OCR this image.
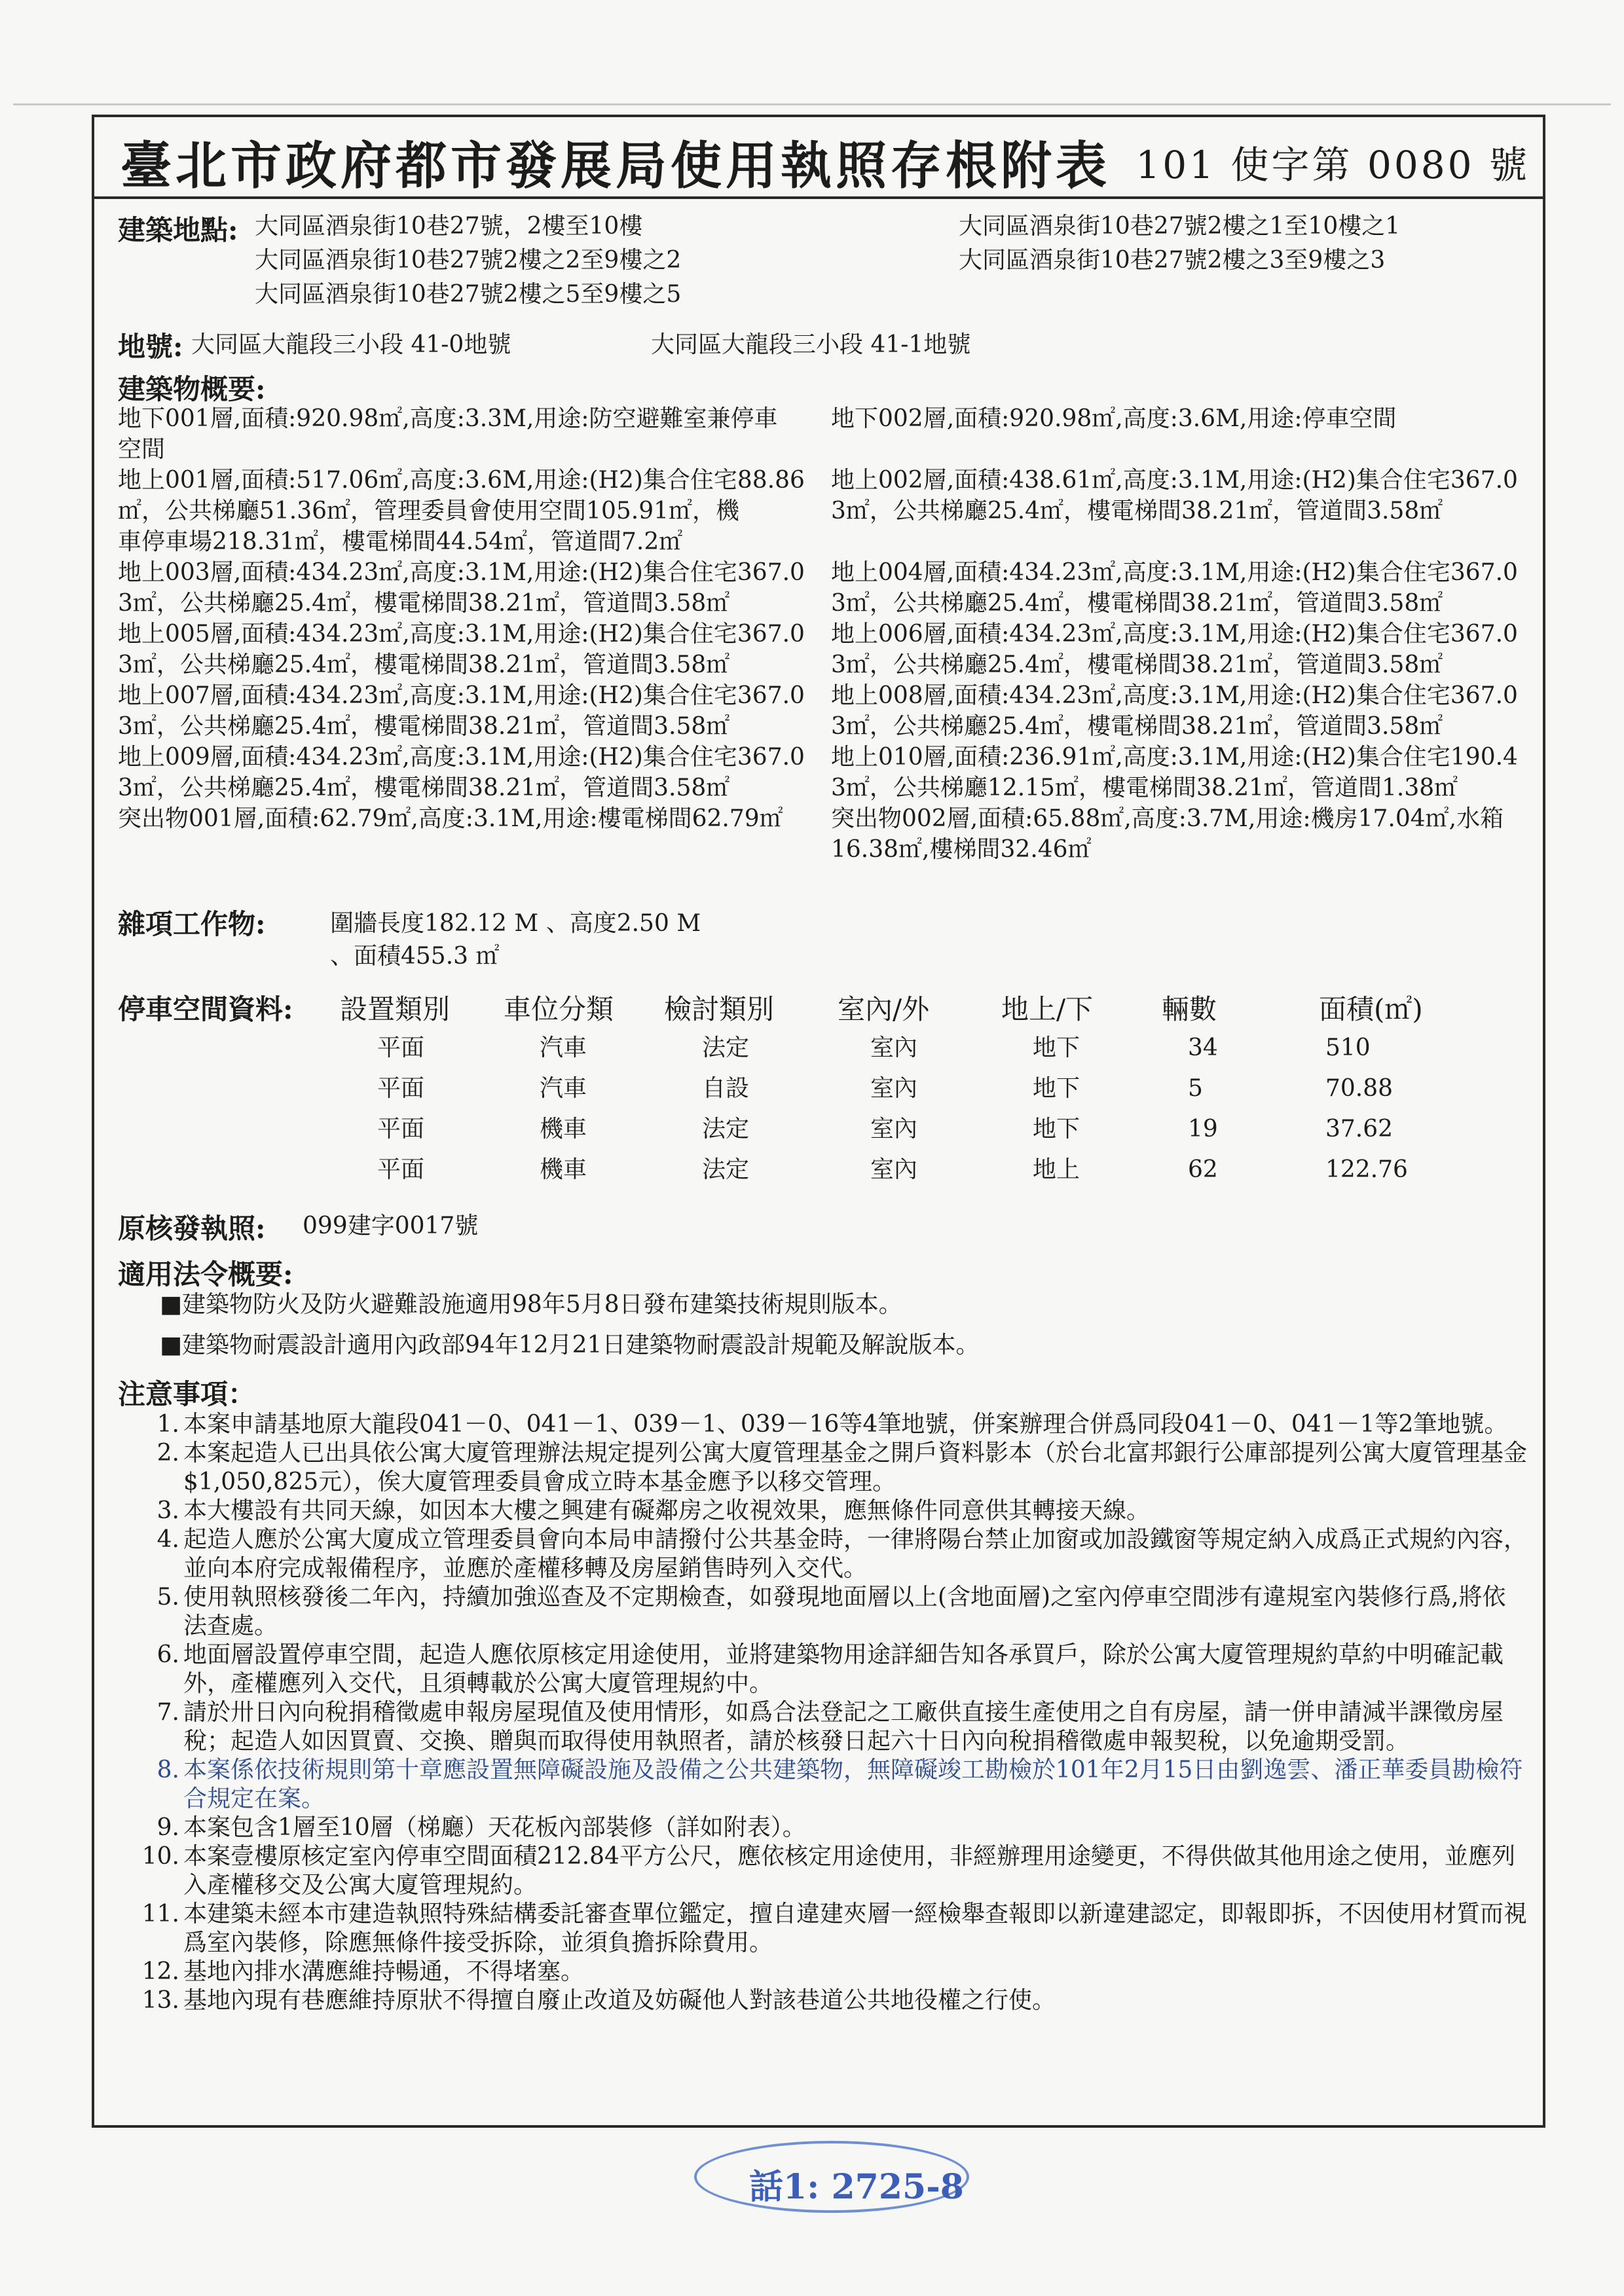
臺北市政府都市發展局使用執照存根附表 101 使字第 0080 號
建築地點: 大同區酒泉街10巷27號，2樓至10樓	大同區酒泉街10巷27號2樓之1至10樓之1
大同區酒泉街10巷27號2樓之2至9樓之2	大同區酒泉街10巷27號2樓之3至9樓之3
大同區酒泉街10巷27號2樓之5至9樓之5
地號: 大同區大龍段三小段 41-0地號	大同區大龍段三小段 41-1地號
建築物概要:
地下001層,面積:920.98㎡,高度:3.3M,用途:防空避難室兼停車
空間
地上001層,面積:517.06㎡,高度:3.6M,用途:(H2)集合住宅88.86
㎡，公共梯廳51.36㎡，管理委員會使用空間105.91㎡，機
車停車場218.31㎡，樓電梯間44.54㎡，管道間7.2㎡
地上003層,面積:434.23㎡,高度:3.1M,用途:(H2)集合住宅367.0
3㎡，公共梯廳25.4㎡，樓電梯間38.21㎡，管道間3.58㎡
地上005層,面積:434.23㎡,高度:3.1M,用途:(H2)集合住宅367.0
3㎡，公共梯廳25.4㎡，樓電梯間38.21㎡，管道間3.58㎡
地上007層,面積:434.23㎡,高度:3.1M,用途:(H2)集合住宅367.0
3㎡，公共梯廳25.4㎡，樓電梯間38.21㎡，管道間3.58㎡
地上009層,面積:434.23㎡,高度:3.1M,用途:(H2)集合住宅367.0
3㎡，公共梯廳25.4㎡，樓電梯間38.21㎡，管道間3.58㎡
突出物001層,面積:62.79㎡,高度:3.1M,用途:樓電梯間62.79㎡
地下002層,面積:920.98㎡,高度:3.6M,用途:停車空間

地上002層,面積:438.61㎡,高度:3.1M,用途:(H2)集合住宅367.0
3㎡，公共梯廳25.4㎡，樓電梯間38.21㎡，管道間3.58㎡

地上004層,面積:434.23㎡,高度:3.1M,用途:(H2)集合住宅367.0
3㎡，公共梯廳25.4㎡，樓電梯間38.21㎡，管道間3.58㎡
地上006層,面積:434.23㎡,高度:3.1M,用途:(H2)集合住宅367.0
3㎡，公共梯廳25.4㎡，樓電梯間38.21㎡，管道間3.58㎡
地上008層,面積:434.23㎡,高度:3.1M,用途:(H2)集合住宅367.0
3㎡，公共梯廳25.4㎡，樓電梯間38.21㎡，管道間3.58㎡
地上010層,面積:236.91㎡,高度:3.1M,用途:(H2)集合住宅190.4
3㎡，公共梯廳12.15㎡，樓電梯間38.21㎡，管道間1.38㎡
突出物002層,面積:65.88㎡,高度:3.7M,用途:機房17.04㎡,水箱
16.38㎡,樓梯間32.46㎡
雜項工作物:	圍牆長度182.12 M 、高度2.50 M
、面積455.3 ㎡
停車空間資料: 設置類別 車位分類 檢討類別 室內/外	地上/下 輛數	面積(㎡)
平面	汽車	法定	室內	地下	34	510
平面	汽車	自設	室內	地下	5	70.88
平面	機車	法定	室內	地下	19	37.62
平面	機車	法定	室內	地上	62	122.76
原核發執照: 099建字0017號
適用法令概要:
■建築物防火及防火避難設施適用98年5月8日發布建築技術規則版本。
■建築物耐震設計適用內政部94年12月21日建築物耐震設計規範及解說版本。
注意事項：
1. 本案申請基地原大龍段041－0、041－1、039－1、039－16等4筆地號，併案辦理合併爲同段041－0、041－1等2筆地號。
2. 本案起造人已出具依公寓大廈管理辦法規定提列公寓大廈管理基金之開戶資料影本（於台北富邦銀行公庫部提列公寓大廈管理基金$1,050,825元），俟大廈管理委員會成立時本基金應予以移交管理。
3. 本大樓設有共同天線，如因本大樓之興建有礙鄰房之收視效果，應無條件同意供其轉接天線。
4. 起造人應於公寓大廈成立管理委員會向本局申請撥付公共基金時，一律將陽台禁止加窗或加設鐵窗等規定納入成爲正式規約內容，並向本府完成報備程序，並應於產權移轉及房屋銷售時列入交代。
5. 使用執照核發後二年內，持續加強巡查及不定期檢查，如發現地面層以上(含地面層)之室內停車空間涉有違規室內裝修行爲,將依法查處。
6. 地面層設置停車空間，起造人應依原核定用途使用，並將建築物用途詳細告知各承買戶，除於公寓大廈管理規約草約中明確記載外，產權應列入交代，且須轉載於公寓大廈管理規約中。
7. 請於卅日內向稅捐稽徵處申報房屋現值及使用情形，如爲合法登記之工廠供直接生產使用之自有房屋，請一併申請減半課徵房屋稅；起造人如因買賣、交換、贈與而取得使用執照者，請於核發日起六十日內向稅捐稽徵處申報契稅，以免逾期受罰。
8. 本案係依技術規則第十章應設置無障礙設施及設備之公共建築物，無障礙竣工勘檢於101年2月15日由劉逸雲、潘正華委員勘檢符合規定在案。
9. 本案包含1層至10層（梯廳）天花板內部裝修（詳如附表）。
10. 本案壹樓原核定室內停車空間面積212.84平方公尺，應依核定用途使用，非經辦理用途變更，不得供做其他用途之使用，並應列入產權移交及公寓大廈管理規約。
11. 本建築未經本市建造執照特殊結構委託審查單位鑑定，擅自違建夾層一經檢舉查報即以新違建認定，即報即拆，不因使用材質而視爲室內裝修，除應無條件接受拆除，並須負擔拆除費用。
12. 基地內排水溝應維持暢通，不得堵塞。
13. 基地內現有巷應維持原狀不得擅自廢止改道及妨礙他人對該巷道公共地役權之行使。
話1: 2725-8
